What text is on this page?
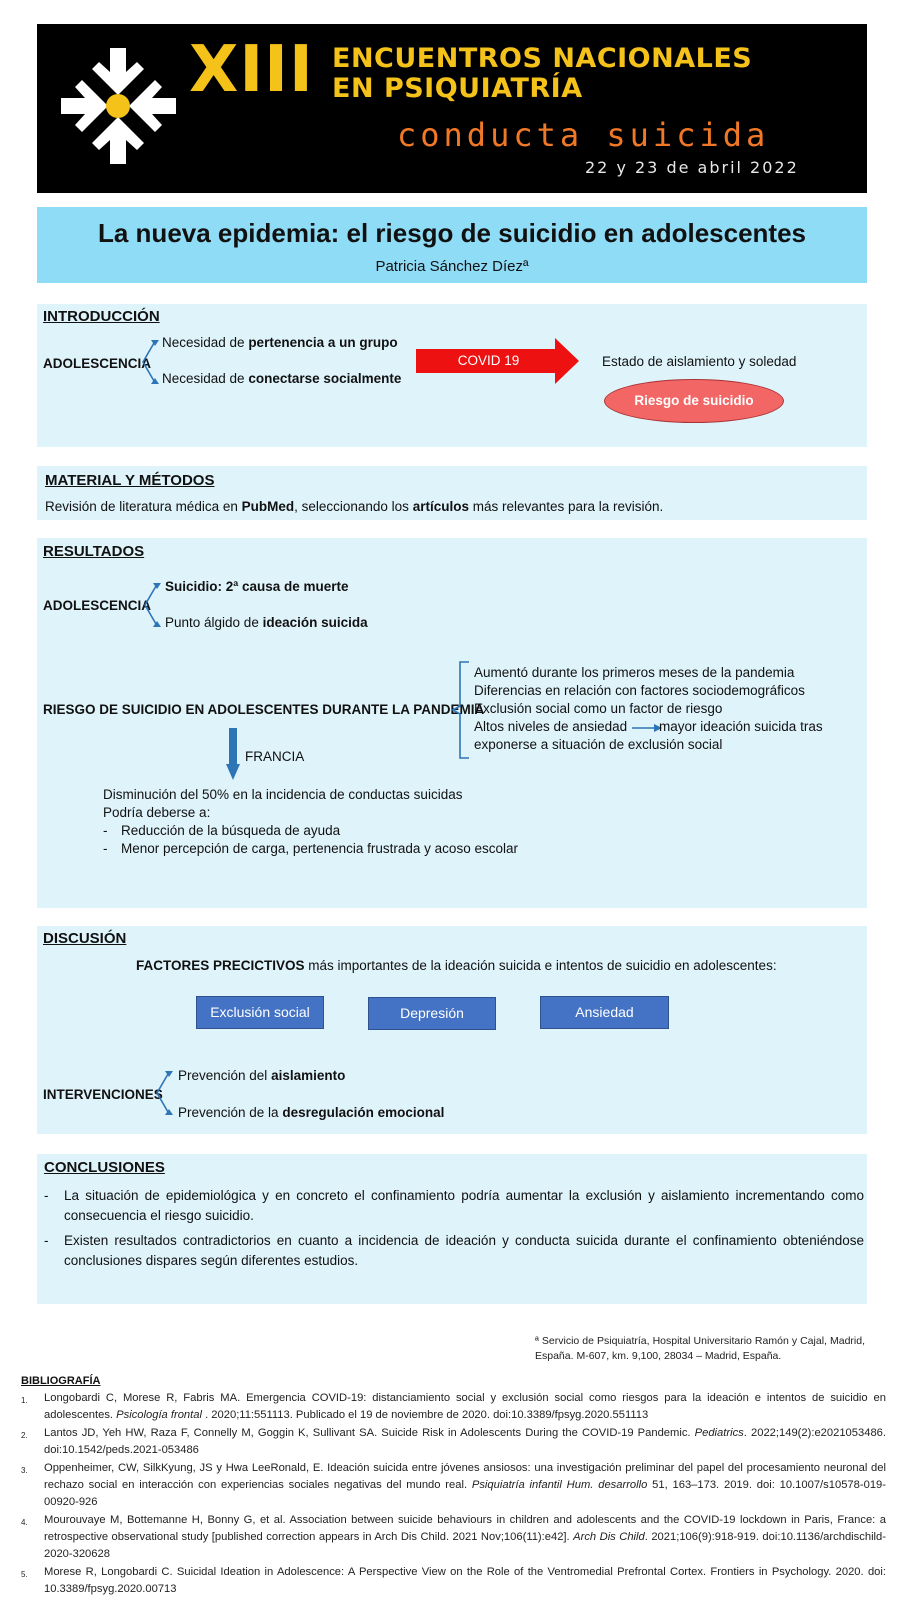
XIII ENCUENTROS NACIONALES
EN PSIQUIATRÍA
conducta suicida
22 y 23 de abril 2022
La nueva epidemia: el riesgo de suicidio en adolescentes
Patricia Sánchez Díezª
INTRODUCCIÓN
ADOLESCENCIA
Necesidad de pertenencia a un grupo
Necesidad de conectarse socialmente
COVID 19	Estado de aislamiento y soledad
Riesgo de suicidio
MATERIAL Y MÉTODOS
Revisión de literatura médica en PubMed, seleccionando los artículos más relevantes para la revisión.
RESULTADOS
ADOLESCENCIA
Suicidio: 2ª causa de muerte
Punto álgido de ideación suicida
RIESGO DE SUICIDIO EN ADOLESCENTES DURANTE LA PANDEMIA
Aumentó durante los primeros meses de la pandemia
Diferencias en relación con factores sociodemográficos
Exclusión social como un factor de riesgo
Altos niveles de ansiedad mayor ideación suicida tras
exponerse a situación de exclusión social
FRANCIA
Disminución del 50% en la incidencia de conductas suicidas
Podría deberse a:
- Reducción de la búsqueda de ayuda
- Menor percepción de carga, pertenencia frustrada y acoso escolar
DISCUSIÓN
FACTORES PRECICTIVOS más importantes de la ideación suicida e intentos de suicidio en adolescentes:
Exclusión social	Depresión	Ansiedad
INTERVENCIONES
Prevención del aislamiento
Prevención de la desregulación emocional
CONCLUSIONES
-	La situación de epidemiológica y en concreto el confinamiento podría aumentar la exclusión y aislamiento incrementando como consecuencia el riesgo suicidio.
-	Existen resultados contradictorios en cuanto a incidencia de ideación y conducta suicida durante el confinamiento obteniéndose conclusiones dispares según diferentes estudios.
ª Servicio de Psiquiatría, Hospital Universitario Ramón y Cajal, Madrid, España. M-607, km. 9,100, 28034 – Madrid, España.
BIBLIOGRAFÍA
1.	Longobardi C, Morese R, Fabris MA. Emergencia COVID-19: distanciamiento social y exclusión social como riesgos para la ideación e intentos de suicidio en adolescentes. Psicología frontal . 2020;11:551113. Publicado el 19 de noviembre de 2020. doi:10.3389/fpsyg.2020.551113
2.	Lantos JD, Yeh HW, Raza F, Connelly M, Goggin K, Sullivant SA. Suicide Risk in Adolescents During the COVID-19 Pandemic. Pediatrics. 2022;149(2):e2021053486. doi:10.1542/peds.2021-053486
3.	Oppenheimer, CW, SilkKyung, JS y Hwa LeeRonald, E. Ideación suicida entre jóvenes ansiosos: una investigación preliminar del papel del procesamiento neuronal del rechazo social en interacción con experiencias sociales negativas del mundo real. Psiquiatría infantil Hum. desarrollo 51, 163–173. 2019. doi: 10.1007/s10578-019-00920-926
4.	Mourouvaye M, Bottemanne H, Bonny G, et al. Association between suicide behaviours in children and adolescents and the COVID-19 lockdown in Paris, France: a retrospective observational study [published correction appears in Arch Dis Child. 2021 Nov;106(11):e42]. Arch Dis Child. 2021;106(9):918-919. doi:10.1136/archdischild-2020-320628
5.	Morese R, Longobardi C. Suicidal Ideation in Adolescence: A Perspective View on the Role of the Ventromedial Prefrontal Cortex. Frontiers in Psychology. 2020. doi: 10.3389/fpsyg.2020.00713
